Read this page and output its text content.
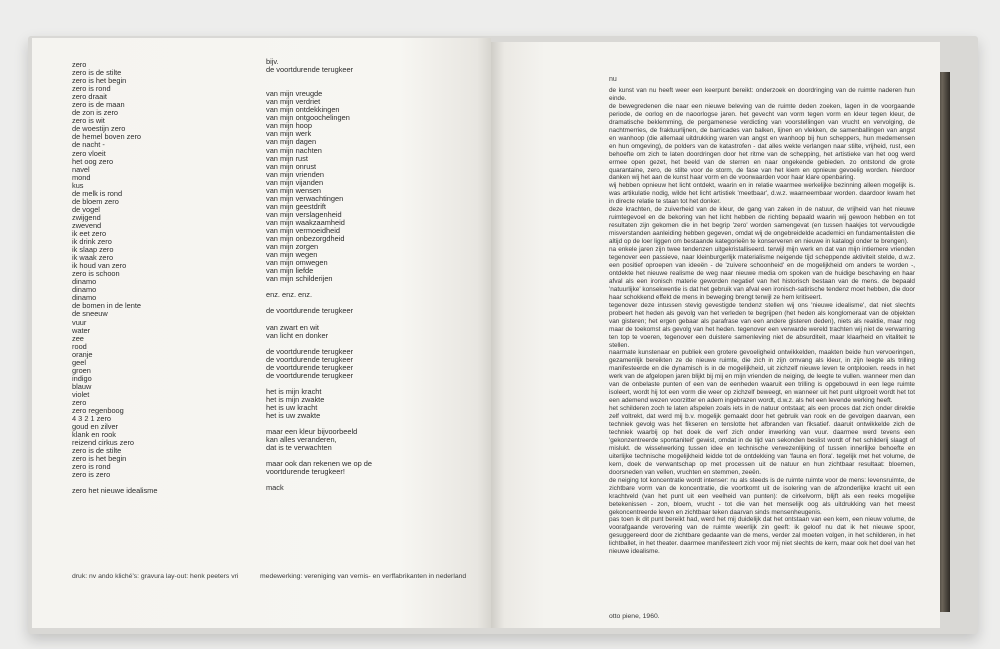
zero
zero is de stilte
zero is het begin
zero is rond
zero draait
zero is de maan
de zon is zero
zero is wit
de woestijn zero
de hemel boven zero
de nacht -
zero vloeit
het oog zero
navel
mond
kus
de melk is rond
de bloem zero
de vogel
zwijgend
zwevend
ik eet zero
ik drink zero
ik slaap zero
ik waak zero
ik houd van zero
zero is schoon
dinamo
dinamo
dinamo
de bomen in de lente
de sneeuw
vuur
water
zee
rood
oranje
geel
groen
indigo
blauw
violet
zero
zero regenboog
4 3 2 1 zero
goud en zilver
klank en rook
reizend cirkus zero
zero is de stilte
zero is het begin
zero is rond
zero is zero
zero het nieuwe idealisme
bijv.
de voortdurende terugkeer
van mijn vreugde
van mijn verdriet
van mijn ontdekkingen
van mijn ontgoochelingen
van mijn hoop
van mijn werk
van mijn dagen
van mijn nachten
van mijn rust
van mijn onrust
van mijn vrienden
van mijn vijanden
van mijn wensen
van mijn verwachtingen
van mijn geestdrift
van mijn verslagenheid
van mijn waakzaamheid
van mijn vermoeidheid
van mijn onbezorgdheid
van mijn zorgen
van mijn wegen
van mijn omwegen
van mijn liefde
van mijn schilderijen
enz. enz. enz.
de voortdurende terugkeer
van zwart en wit
van licht en donker
de voortdurende terugkeer
de voortdurende terugkeer
de voortdurende terugkeer
de voortdurende terugkeer
het is mijn kracht
het is mijn zwakte
het is uw kracht
het is uw zwakte
maar een kleur bijvoorbeeld
kan alles veranderen,
dat is te verwachten
maar ook dan rekenen we op de
voortdurende terugkeer!
mack
druk: nv ando kliché's: gravura lay-out: henk peeters vri	medewerking: vereniging van vernis- en verffabrikanten in nederland
nu

de kunst van nu heeft weer een keerpunt bereikt: onderzoek en doordringing van de ruimte naderen hun einde.

de bewegredenen die naar een nieuwe beleving van de ruimte deden zoeken, lagen in de voorgaande periode, de oorlog en de naoorlogse jaren. het gevecht van vorm tegen vorm en kleur tegen kleur, de dramatische beklemming, de pergamenese verdicting van voorstellingen van vrucht en vervolging, de nachtmerries, de fraktuurlijnen, de barricades van balken, lijnen en vlekken, de samenballingen van angst en wanhoop (die allemaal uitdrukking waren van angst en wanhoop bij hun scheppers, hun medemensen en hun omgeving), de polders van de katastrofen - dat alles wekte verlangen naar stilte, vrijheid, rust, een behoefte om zich te laten doordringen door het ritme van de schepping, het artistieke van het oog werd ermee open gezet, het beeld van de sterren en naar ongekende gebieden. zo ontstond de grote quarantaine, zero, de stilte voor de storm, de fase van het kiem en opnieuw gevoelig worden. hierdoor danken wij het aan de kunst haar vorm en de voorwaarden voor haar klare openbaring.

wij hebben opnieuw het licht ontdekt, waarin en in relatie waarmee werkelijke bezinning alleen mogelijk is. was artikulatie nodig, wilde het licht artistiek 'meetbaar', d.w.z. waarneembaar worden. daardoor kwam het in directe relatie te staan tot het donker.

deze krachten, de zuiverheid van de kleur, de gang van zaken in de natuur, de vrijheid van het nieuwe ruimtegevoel en de bekoring van het licht hebben de richting bepaald waarin wij gewoon hebben en tot resultaten zijn gekomen die in het begrip 'zero' worden samengevat (en tussen haakjes tot vervoudigde misverstanden aanleiding hebben gegeven, omdat wij de ongebreidelde academici en fundamentalisten die altijd op de loer liggen om bestaande kategorieën te konserveren en nieuwe in katalogi onder te brengen).

na enkele jaren zijn twee tendenzen uitgekristalliseerd. terwijl mijn werk en dat van mijn intiemere vrienden tegenover een passieve, naar kleinburgerlijk materialisme neigende tijd scheppende aktiviteit stelde, d.w.z. een positief oproepen van ideeën - de 'zuivere schoonheid' en de mogelijkheid om anders te worden -, ontdekte het nieuwe realisme de weg naar nieuwe media om spoken van de huidige beschaving en haar afval als een ironisch materie geworden negatief van het historisch bestaan van de mens. de bepaald 'natuurlijke' konsekwentie is dat het gebruik van afval een ironisch-satirische tendenz moet hebben, die door haar schokkend effekt de mens in beweging brengt terwijl ze hem kritiseert.

tegenover deze intussen stevig gevestigde tendenz stellen wij ons 'nieuwe idealisme', dat niet slechts probeert het heden als gevolg van het verleden te begrijpen (het heden als konglomeraat van de objekten van gisteren; het ergen gebaar als parafrase van een andere gisteren deden), niets als reaktie, maar nog maar de toekomst als gevolg van het heden. tegenover een verwarde wereld trachten wij niet de verwarring ten top te voeren, tegenover een duistere samenleving niet de absurditeit, maar klaarheid en vitaliteit te stellen.

naarmate kunstenaar en publiek een grotere gevoeligheid ontwikkelden, maakten beide hun vervoeringen, gezamenlijk bereikten ze de nieuwe ruimte, die zich in zijn omvang als kleur, in zijn leegte als trilling manifesteerde en die dynamisch is in de mogelijkheid, uit zichzelf nieuwe leven te ontplooien. reeds in het werk van de afgelopen jaren blijkt bij mij en mijn vrienden de neiging, de leegte te vullen. wanneer men dan van de onbelaste punten of een van de eenheden waaruit een trilling is opgebouwd in een lege ruimte isoleert, wordt hij tot een vorm die weer op zichzelf beweegt, en wanneer uit het punt uitgroeit wordt het tot een ademend wezen voorzitter en adem ingebrazen wordt, d.w.z. als het een levende werking heeft.

het schilderen zoch te laten afspelen zoals iets in de natuur ontstaat; als een proces dat zich onder direktie zelf voltrekt, dat werd mij b.v. mogelijk gemaakt door het gebruik van rook en de gevolgen daarvan, een techniek gevolg was het fikseren en tenslotte het afbranden van fiksatief. daaruit ontwikkelde zich de techniek waarbij op het doek de verf zich onder inwerking van vuur. daarmee werd tevens een 'gekonzentreerde spontaniteit' gewist, omdat in de tijd van sekonden beslist wordt of het schilderij slaagt of mislukt. de wisselwerking tussen idee en technische verwezenlijking of tussen innerlijke behoefte en uiterlijke technische mogelijkheid leidde tot de ontdekking van 'fauna en flora'. tegelijk met het volume, de kern, doek de verwantschap op met processen uit de natuur en hun zichtbaar resultaat: bloemen, doorsneden van vellen, vruchten en stemmen, zeeën.

de neiging tot koncentratie wordt intenser: nu als steeds is de ruimte ruimte voor de mens: levensruimte, de zichtbare vorm van de koncentratie, die voortkomt uit de isolering van de afzonderlijke kracht uit een krachtveld (van het punt uit een veelheid van punten): de cirkelvorm, blijft als een reeks mogelijke betekenissen - zon, bloem, vrucht - tot die van het menselijk oog als uitdrukking van het meest gekoncentreerde leven en zichtbaar teken daarvan sinds mensenheugenis.

pas toen ik dit punt bereikt had, werd het mij duidelijk dat het ontstaan van een kern, een nieuw volume, de voorafgaande verovering van de ruimte weerlijk zin geeft: ik geloof nu dat ik het nieuwe spoor, gesuggereerd door de zichtbare gedaante van de mens, verder zal moeten volgen, in het schilderen, in het lichtballet, in het theater. daarmee manifesteert zich voor mij niet slechts de kern, maar ook het doel van het nieuwe idealisme.

otto piene, 1960.
